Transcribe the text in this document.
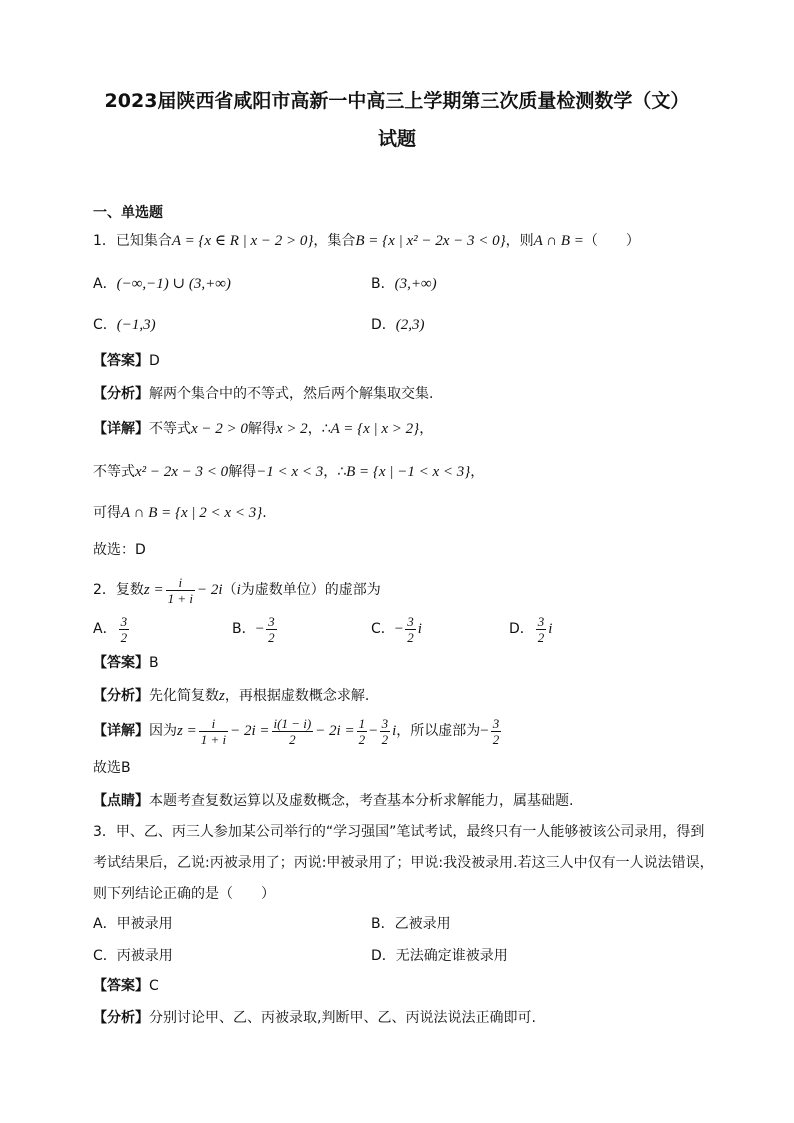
2023届陕西省咸阳市高新一中高三上学期第三次质量检测数学（文）
试题
一、单选题
1．已知集合A = {x ∈ R | x − 2 > 0}，集合B = {x | x² − 2x − 3 < 0}，则A ∩ B =（　　）
A．(−∞,−1) ∪ (3,+∞)	B．(3,+∞)
C．(−1,3)	D．(2,3)
【答案】D
【分析】解两个集合中的不等式，然后两个解集取交集.
【详解】不等式x − 2 > 0解得x > 2，∴A = {x | x > 2}，
不等式x² − 2x − 3 < 0解得−1 < x < 3，∴B = {x | −1 < x < 3}，
可得A ∩ B = {x | 2 < x < 3}.
故选：D
2．复数$z = \frac{i}{1 + i} - 2i(i$为虚数单位）的虚部为
A． $\frac{3}{2}$	B．− $\frac{3}{2}$	C．− $\frac{3}{2}$ i	D． $\frac{3}{2}$ i
【答案】B
【分析】先化简复数z，再根据虚数概念求解.
【详解】因为$z = \frac{i}{1 + i} - 2i = \frac{i(1 - i)}{2} - 2i = \frac{1}{2} - \frac{3}{2}$ i，所以虚部为− $\frac{3}{2}$
故选B
【点睛】本题考查复数运算以及虚数概念，考查基本分析求解能力，属基础题.
3．甲、乙、丙三人参加某公司举行的“学习强国”笔试考试，最终只有一人能够被该公司录用，得到
考试结果后，乙说:丙被录用了；丙说:甲被录用了；甲说:我没被录用.若这三人中仅有一人说法错误，
则下列结论正确的是（　　）
A．甲被录用	B．乙被录用
C．丙被录用	D．无法确定谁被录用
【答案】C
【分析】分别讨论甲、乙、丙被录取,判断甲、乙、丙说法说法正确即可.
